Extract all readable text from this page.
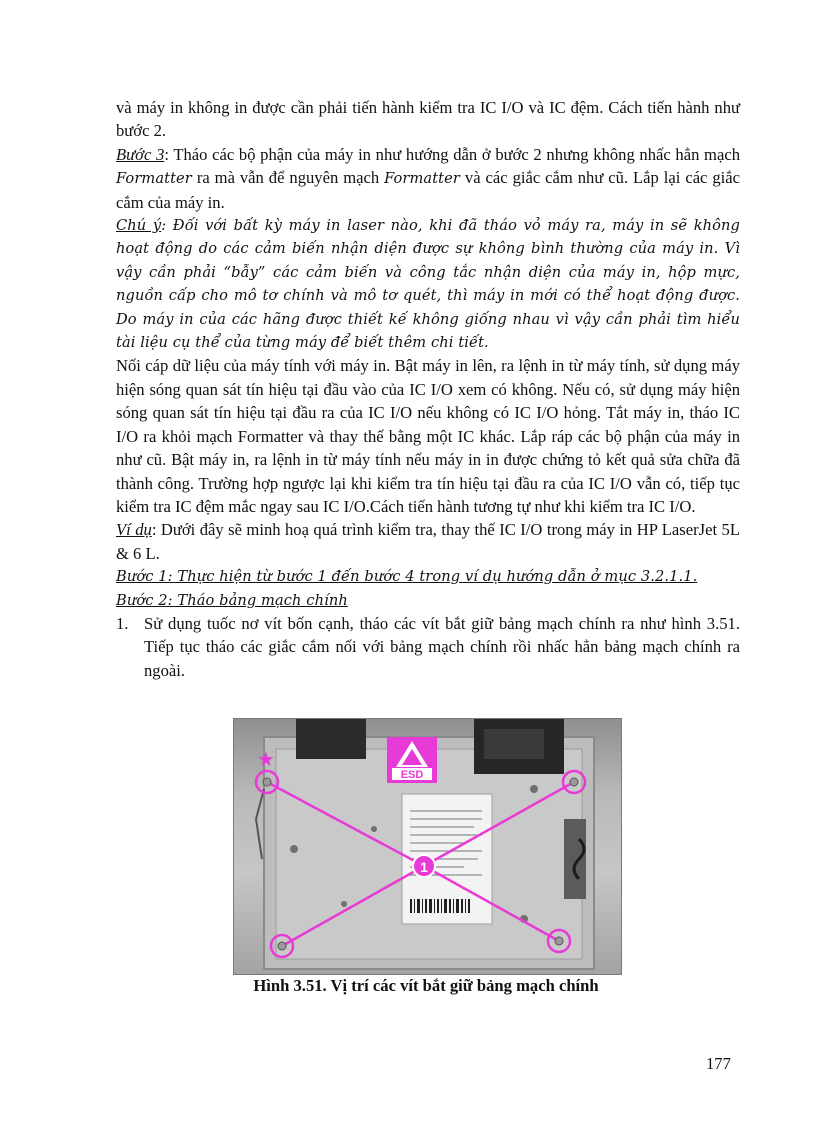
và máy in không in được cần phải tiến hành kiểm tra IC I/O và IC đệm. Cách tiến hành như bước 2.

Bước 3: Tháo các bộ phận của máy in như hướng dẫn ở bước 2 nhưng không nhấc hẳn mạch Formatter ra mà vẫn để nguyên mạch Formatter và các giắc cắm như cũ. Lắp lại các giắc cắm của máy in.

Chú ý: Đối với bất kỳ máy in laser nào, khi đã tháo vỏ máy ra, máy in sẽ không hoạt động do các cảm biến nhận diện được sự không bình thường của máy in. Vì vậy cần phải “bẫy” các cảm biến và công tắc nhận diện của máy in, hộp mực, nguồn cấp cho mô tơ chính và mô tơ quét, thì máy in mới có thể hoạt động được. Do máy in của các hãng được thiết kế không giống nhau vì vậy cần phải tìm hiểu tài liệu cụ thể của từng máy để biết thêm chi tiết.

Nối cáp dữ liệu của máy tính với máy in. Bật máy in lên, ra lệnh in từ máy tính, sử dụng máy hiện sóng quan sát tín hiệu tại đầu vào của IC I/O xem có không. Nếu có, sử dụng máy hiện sóng quan sát tín hiệu tại đầu ra của IC I/O nếu không có IC I/O hỏng. Tắt máy in, tháo IC I/O ra khỏi mạch Formatter và thay thế bằng một IC khác. Lắp ráp các bộ phận của máy in như cũ. Bật máy in, ra lệnh in từ máy tính nếu máy in in được chứng tỏ kết quả sửa chữa đã thành công. Trường hợp ngược lại khi kiểm tra tín hiệu tại đầu ra của IC I/O vẫn có, tiếp tục kiểm tra IC đệm mắc ngay sau IC I/O.Cách tiến hành tương tự như khi kiểm tra IC I/O.

Ví dụ: Dưới đây sẽ minh hoạ quá trình kiểm tra, thay thế IC I/O trong máy in HP LaserJet 5L & 6 L.

Bước 1: Thực hiện từ bước 1 đến bước 4 trong ví dụ hướng dẫn ở mục 3.2.1.1.

Bước 2: Tháo bảng mạch chính

1. Sử dụng tuốc nơ vít bốn cạnh, tháo các vít bắt giữ bảng mạch chính ra như hình 3.51. Tiếp tục tháo các giắc cắm nối với bảng mạch chính rồi nhấc hẳn bảng mạch chính ra ngoài.
ESD
1
★
Hình 3.51. Vị trí các vít bắt giữ bảng mạch chính
177
